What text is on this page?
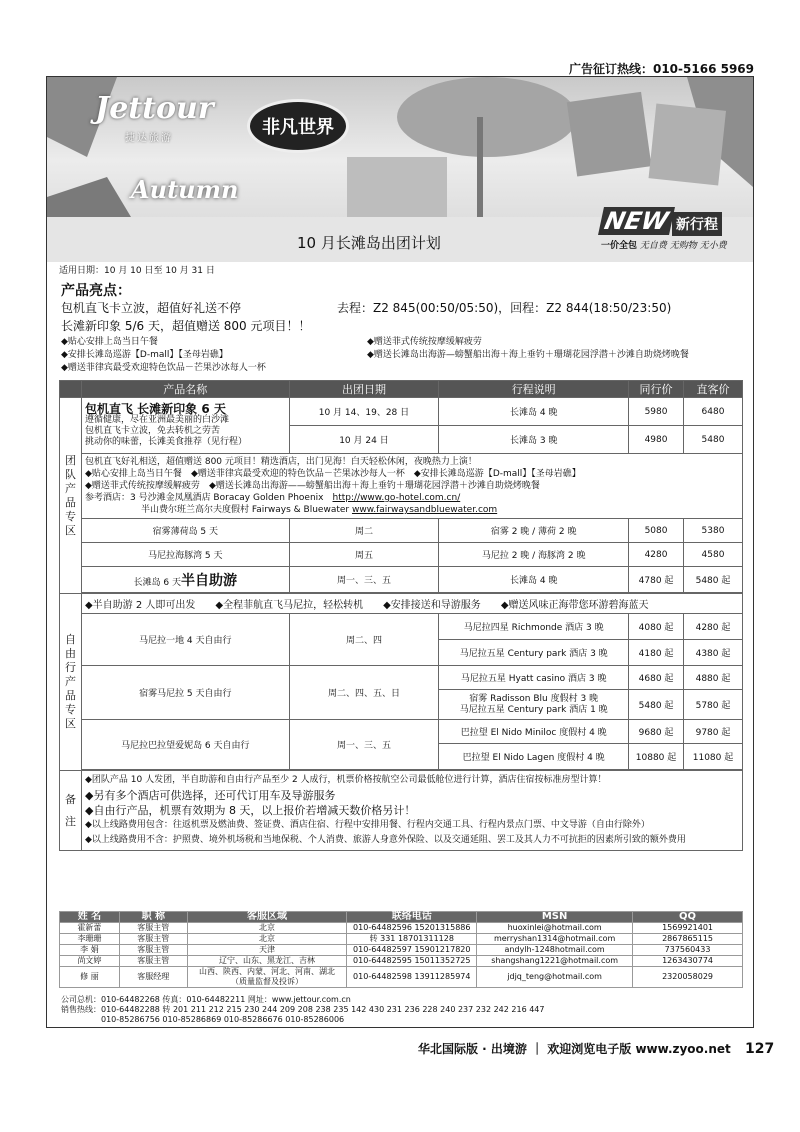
广告征订热线：010-5166 5969
Jettour
捷达旅游
Autumn
非凡世界
10 月长滩岛出团计划
NEW 新行程
一价全包 无自费 无购物 无小费
适用日期：10 月 10 日至 10 月 31 日
产品亮点：
包机直飞卡立波，超值好礼送不停	去程：Z2 845(00:50/05:50)，回程：Z2 844(18:50/23:50)
长滩新印象 5/6 天，超值赠送 800 元项目！！
◆贴心安排上岛当日午餐
◆安排长滩岛巡游【D-mall】【圣母岩礁】
◆赠送菲律宾最受欢迎特色饮品－芒果沙冰每人一杯
◆赠送菲式传统按摩缓解疲劳
◆赠送长滩岛出海游—螃蟹船出海＋海上垂钓＋珊瑚花园浮潜＋沙滩自助烧烤晚餐
	产品名称	出团日期	行程说明	同行价	直客价
团队产品专区	包机直飞 长滩新印象 6 天
遵循健康，尽在亚洲最美丽的白沙滩
包机直飞卡立波，免去转机之劳苦
挑动你的味蕾，长滩美食推荐（见行程）	10 月 14、19、28 日	长滩岛 4 晚	5980	6480
		10 月 24 日	长滩岛 3 晚	4980	5480

	包机直飞好礼相送，超值赠送 800 元项目！精选酒店，出门见海！白天轻松休闲，夜晚热力上演！
◆贴心安排上岛当日午餐　 ◆赠送菲律宾最受欢迎的特色饮品－芒果冰沙每人一杯　 ◆安排长滩岛巡游【D-mall】【圣母岩礁】
◆赠送菲式传统按摩缓解疲劳　 ◆赠送长滩岛出海游——螃蟹船出海＋海上垂钓＋珊瑚花园浮潜＋沙滩自助烧烤晚餐
参考酒店：3 号沙滩金凤凰酒店 Boracay Golden Phoenix　 http://www.go-hotel.com.cn/
半山费尔班兰高尔夫度假村 Fairways & Bluewater www.fairwaysandbluewater.com				

	宿雾薄荷岛 5 天	周二	宿雾 2 晚 / 薄荷 2 晚	5080	5380
	马尼拉海豚湾 5 天	周五	马尼拉 2 晚 / 海豚湾 2 晚	4280	4580
	长滩岛 6 天半自助游	周一、三、五	长滩岛 4 晚	4780 起	5480 起

自由行产品专区	◆半自助游 2 人即可出发　　 ◆全程菲航直飞马尼拉，轻松转机　　 ◆安排接送和导游服务　　 ◆赠送风味正海带您环游碧海蓝天				
	马尼拉一地 4 天自由行	周二、四	马尼拉四星 Richmonde 酒店 3 晚	4080 起	4280 起
			马尼拉五星 Century park 酒店 3 晚	4180 起	4380 起
	宿雾马尼拉 5 天自由行	周二、四、五、日	马尼拉五星 Hyatt casino 酒店 3 晚	4680 起	4880 起

			宿雾 Radisson Blu 度假村 3 晚
马尼拉五星 Century park 酒店 1 晚	5480 起	5780 起
	马尼拉巴拉望爱妮岛 6 天自由行	周一、三、五	巴拉望 El Nido Miniloc 度假村 4 晚	9680 起	9780 起
			巴拉望 El Nido Lagen 度假村 4 晚	10880 起	11080 起

备注	◆团队产品 10 人发团，半自助游和自由行产品至少 2 人成行，机票价格按航空公司最低舱位进行计算，酒店住宿按标准房型计算！
◆另有多个酒店可供选择，还可代订用车及导游服务
◆自由行产品，机票有效期为 8 天，以上报价若增减天数价格另计！
◆以上线路费用包含：往返机票及燃油费、签证费、酒店住宿、行程中安排用餐、行程内交通工具、行程内景点门票、中文导游（自由行除外）
◆以上线路费用不含：护照费、境外机场税和当地保税、个人消费、旅游人身意外保险、以及交通延阻、罢工及其人力不可抗拒的因素所引致的额外费用				
姓 名	职 称	客服区域	联络电话	MSN	QQ
霍新蕾	客服主管	北京	010-64482596 15201315886	huoxinlei@hotmail.com	1569921401
李珊珊	客服主管	北京	转 331 18701311128	merryshan1314@hotmail.com	2867865115
李 娟	客服主管	天津	010-64482597 15901217820	andylh-1248hotmail.com	737560433
尚文婷	客服主管	辽宁、山东、黑龙江、吉林	010-64482595 15011352725	shangshang1221@hotmail.com	1263430774
修 丽	客服经理	山西、陕西、内蒙、河北、河南、湖北
（质量监督及投诉）	010-64482598 13911285974	jdjq_teng@hotmail.com	2320058029
公司总机：010-64482268 传真：010-64482211 网址：www.jettour.com.cn
销售热线：010-64482288 转 201 211 212 215 230 244 209 208 238 235 142 430 231 236 228 240 237 232 242 216 447
010-85286756 010-85286869 010-85286676 010-85286006
华北国际版 · 出境游 ｜ 欢迎浏览电子版 www.zyoo.net 127
